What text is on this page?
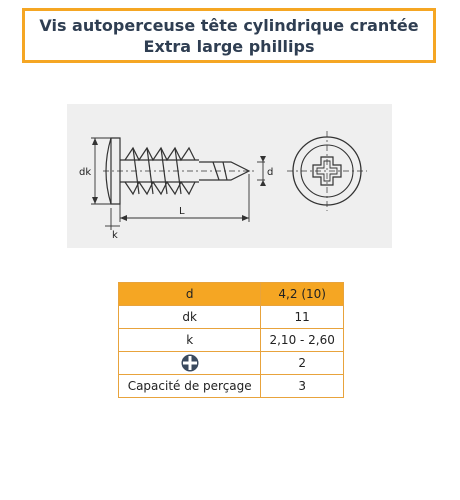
Vis autoperceuse tête cylindrique crantée
Extra large phillips
dk	d
L
k
d	4,2 (10)
dk	11
k	2,10 - 2,60
	2
Capacité de perçage	3
